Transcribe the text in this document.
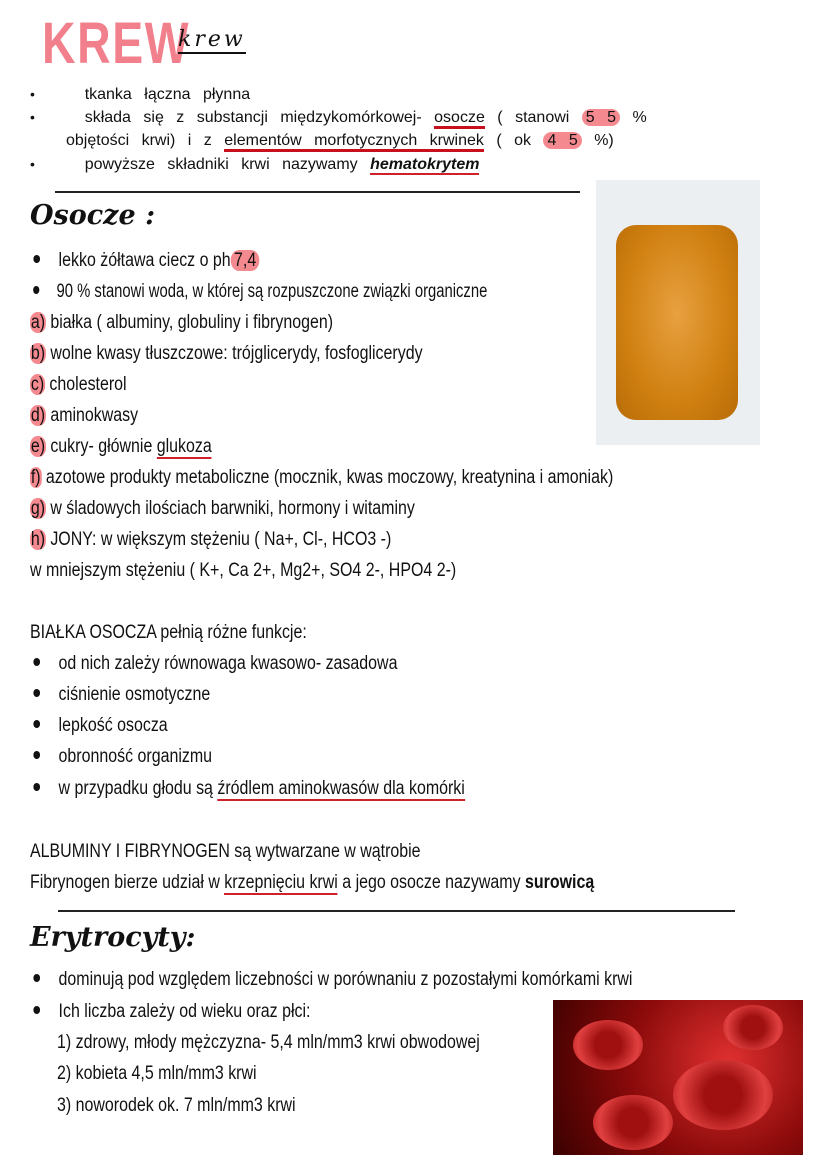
KREW
krew
•	tkanka łączna płynna
•	składa się z substancji międzykomórkowej- osocze ( stanowi 5 5 %
objętości krwi) i z elementów morfotycznych krwinek ( ok 4 5 %)
•	powyższe składniki krwi nazywamy hematokrytem
Osocze :
lekko żółtawa ciecz o ph 7,4
90 % stanowi woda, w której są rozpuszczone związki organiczne
a) białka ( albuminy, globuliny i fibrynogen)
b) wolne kwasy tłuszczowe: trójglicerydy, fosfoglicerydy
c) cholesterol
d) aminokwasy
e) cukry- głównie glukoza
f) azotowe produkty metaboliczne (mocznik, kwas moczowy, kreatynina i amoniak)
g) w śladowych ilościach barwniki, hormony i witaminy
h) JONY: w większym stężeniu ( Na+, Cl-, HCO3 -)
w mniejszym stężeniu ( K+, Ca 2+, Mg2+, SO4 2-, HPO4 2-)
BIAŁKA OSOCZA pełnią różne funkcje:
od nich zależy równowaga kwasowo- zasadowa
ciśnienie osmotyczne
lepkość osocza
obronność organizmu
w przypadku głodu są źródlem aminokwasów dla komórki
ALBUMINY I FIBRYNOGEN są wytwarzane w wątrobie
Fibrynogen bierze udział w krzepnięciu krwi a jego osocze nazywamy surowicą
Erytrocyty:
dominują pod względem liczebności w porównaniu z pozostałymi komórkami krwi
Ich liczba zależy od wieku oraz płci:
1) zdrowy, młody mężczyzna- 5,4 mln/mm3 krwi obwodowej
2) kobieta 4,5 mln/mm3 krwi
3) noworodek ok. 7 mln/mm3 krwi
